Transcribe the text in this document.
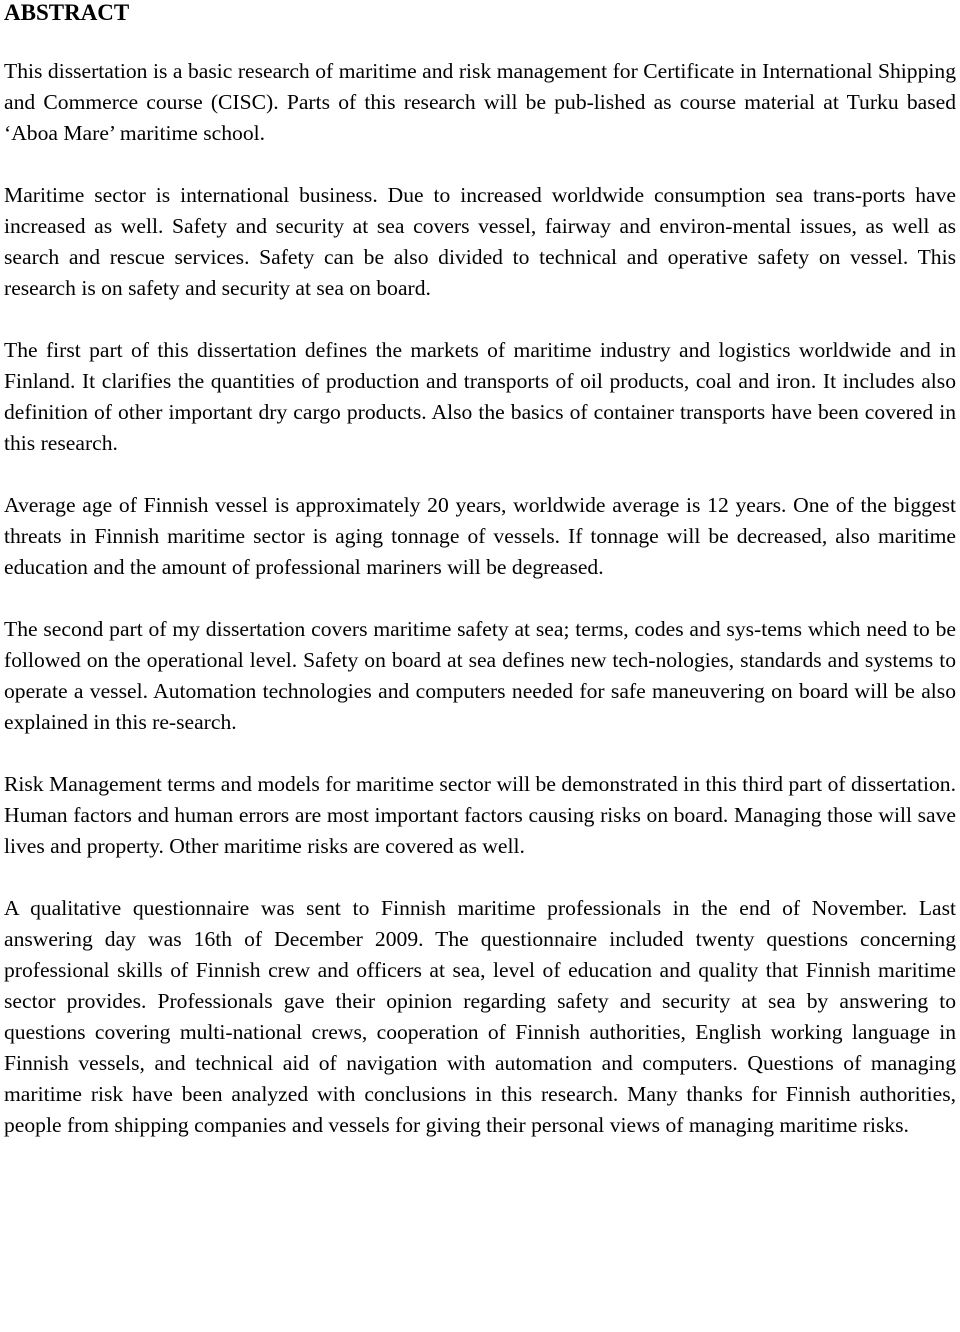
ABSTRACT

This dissertation is a basic research of maritime and risk management for Certificate in International Shipping and Commerce course (CISC). Parts of this research will be pub-lished as course material at Turku based ‘Aboa Mare’ maritime school.

Maritime sector is international business. Due to increased worldwide consumption sea trans-ports have increased as well. Safety and security at sea covers vessel, fairway and environ-mental issues, as well as search and rescue services. Safety can be also divided to technical and operative safety on vessel. This research is on safety and security at sea on board.

The first part of this dissertation defines the markets of maritime industry and logistics worldwide and in Finland. It clarifies the quantities of production and transports of oil products, coal and iron. It includes also definition of other important dry cargo products. Also the basics of container transports have been covered in this research.

Average age of Finnish vessel is approximately 20 years, worldwide average is 12 years. One of the biggest threats in Finnish maritime sector is aging tonnage of vessels. If tonnage will be decreased, also maritime education and the amount of professional mariners will be degreased.

The second part of my dissertation covers maritime safety at sea; terms, codes and sys-tems which need to be followed on the operational level. Safety on board at sea defines new tech-nologies, standards and systems to operate a vessel. Automation technologies and computers needed for safe maneuvering on board will be also explained in this re-search.

Risk Management terms and models for maritime sector will be demonstrated in this third part of dissertation. Human factors and human errors are most important factors causing risks on board. Managing those will save lives and property. Other maritime risks are covered as well.

A qualitative questionnaire was sent to Finnish maritime professionals in the end of November. Last answering day was 16th of December 2009. The questionnaire included twenty questions concerning professional skills of Finnish crew and officers at sea, level of education and quality that Finnish maritime sector provides. Professionals gave their opinion regarding safety and security at sea by answering to questions covering multi-national crews, cooperation of Finnish authorities, English working language in Finnish vessels, and technical aid of navigation with automation and computers. Questions of managing maritime risk have been analyzed with conclusions in this research. Many thanks for Finnish authorities, people from shipping companies and vessels for giving their personal views of managing maritime risks.
